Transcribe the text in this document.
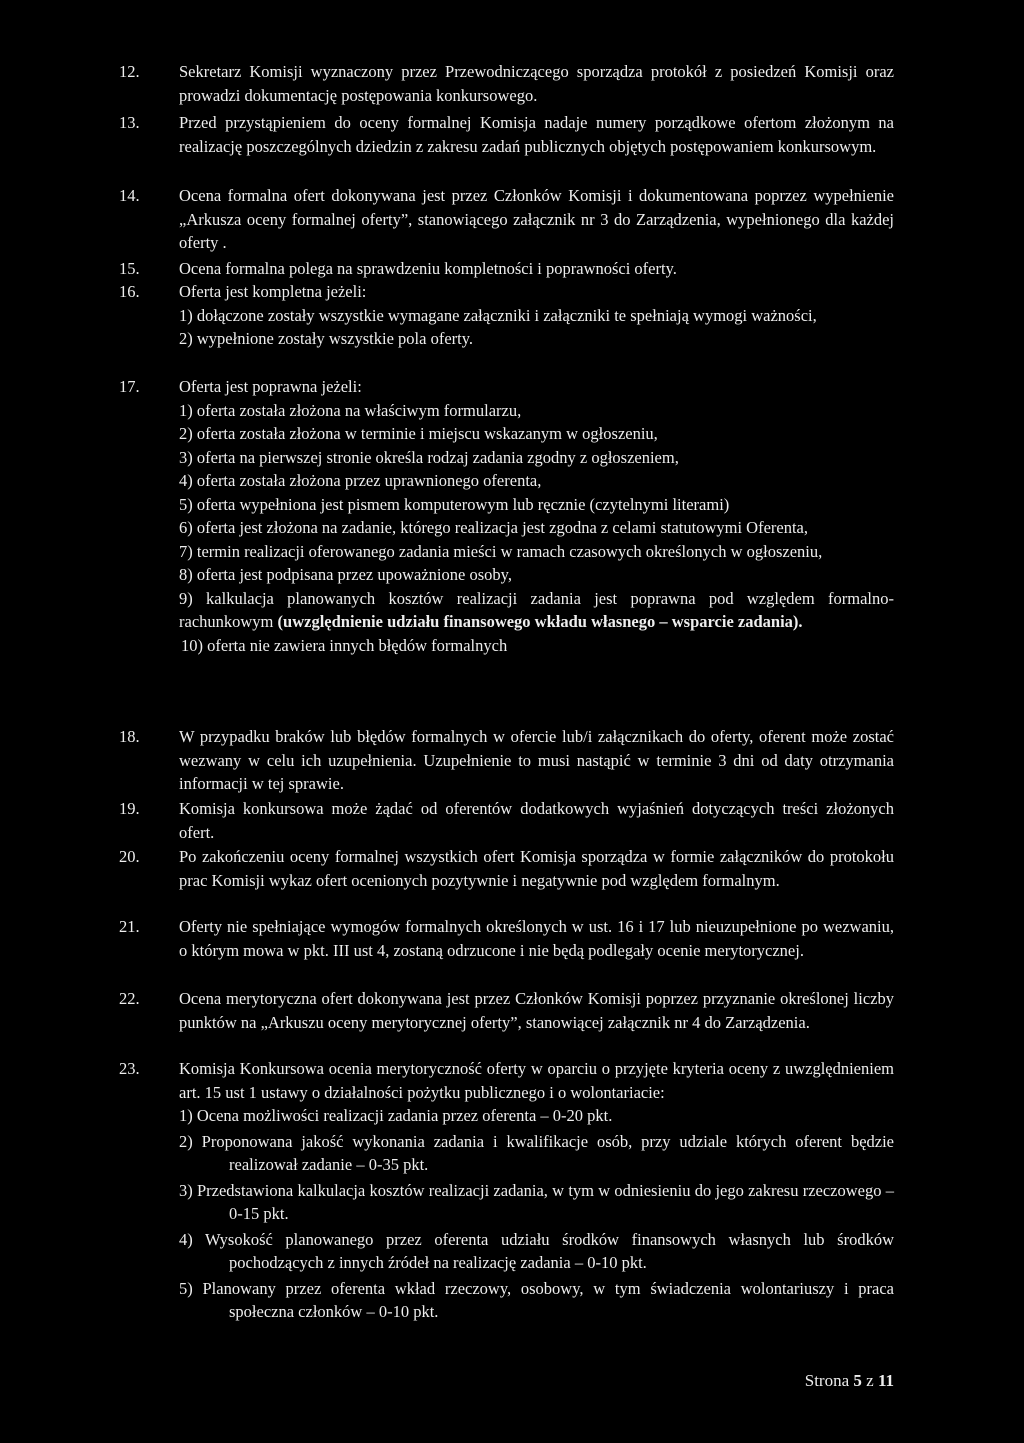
12.	Sekretarz Komisji wyznaczony przez Przewodniczącego sporządza protokół z posiedzeń Komisji oraz prowadzi dokumentację postępowania konkursowego.
13.	Przed przystąpieniem do oceny formalnej Komisja nadaje numery porządkowe ofertom złożonym na realizację poszczególnych dziedzin z zakresu zadań publicznych objętych postępowaniem konkursowym.
14.	Ocena formalna ofert dokonywana jest przez Członków Komisji i dokumentowana poprzez wypełnienie „Arkusza oceny formalnej oferty”, stanowiącego załącznik nr 3 do Zarządzenia, wypełnionego dla każdej oferty .
15.	Ocena formalna polega na sprawdzeniu kompletności i poprawności oferty.
16.	Oferta jest kompletna jeżeli:
1) dołączone zostały wszystkie wymagane załączniki i załączniki te spełniają wymogi ważności,
2) wypełnione zostały wszystkie pola oferty.
17.	Oferta jest poprawna jeżeli:
1) oferta została złożona na właściwym formularzu,
2) oferta została złożona w terminie i miejscu wskazanym w ogłoszeniu,
3) oferta na pierwszej stronie określa rodzaj zadania zgodny z ogłoszeniem,
4) oferta została złożona przez uprawnionego oferenta,
5) oferta wypełniona jest pismem komputerowym lub ręcznie (czytelnymi literami)
6) oferta jest złożona na zadanie, którego realizacja jest zgodna z celami statutowymi Oferenta,
7) termin realizacji oferowanego zadania mieści w ramach czasowych określonych w ogłoszeniu,
8) oferta jest podpisana przez upoważnione osoby,
9) kalkulacja planowanych kosztów realizacji zadania jest poprawna pod względem formalno-rachunkowym (uwzględnienie udziału finansowego wkładu własnego – wsparcie zadania).
10) oferta nie zawiera innych błędów formalnych
18.	W przypadku braków lub błędów formalnych w ofercie lub/i załącznikach do oferty, oferent może zostać wezwany w celu ich uzupełnienia. Uzupełnienie to musi nastąpić w terminie 3 dni od daty otrzymania informacji w tej sprawie.
19.	Komisja konkursowa może żądać od oferentów dodatkowych wyjaśnień dotyczących treści złożonych ofert.
20.	Po zakończeniu oceny formalnej wszystkich ofert Komisja sporządza w formie załączników do protokołu prac Komisji wykaz ofert ocenionych pozytywnie i negatywnie pod względem formalnym.
21.	Oferty nie spełniające wymogów formalnych określonych w ust. 16 i 17 lub nieuzupełnione po wezwaniu, o którym mowa w pkt. III ust 4, zostaną odrzucone i nie będą podlegały ocenie merytorycznej.
22.	Ocena merytoryczna ofert dokonywana jest przez Członków Komisji poprzez przyznanie określonej liczby punktów na „Arkuszu oceny merytorycznej oferty”, stanowiącej załącznik nr 4 do Zarządzenia.
23.	Komisja Konkursowa ocenia merytoryczność oferty w oparciu o przyjęte kryteria oceny z uwzględnieniem art. 15 ust 1 ustawy o działalności pożytku publicznego i o wolontariacie:
1) Ocena możliwości realizacji zadania przez oferenta – 0-20 pkt.
2) Proponowana jakość wykonania zadania i kwalifikacje osób, przy udziale których oferent będzie realizował zadanie – 0-35 pkt.
3) Przedstawiona kalkulacja kosztów realizacji zadania, w tym w odniesieniu do jego zakresu rzeczowego – 0-15 pkt.
4) Wysokość planowanego przez oferenta udziału środków finansowych własnych lub środków pochodzących z innych źródeł na realizację zadania – 0-10 pkt.
5) Planowany przez oferenta wkład rzeczowy, osobowy, w tym świadczenia wolontariuszy i praca społeczna członków – 0-10 pkt.
Strona 5 z 11
